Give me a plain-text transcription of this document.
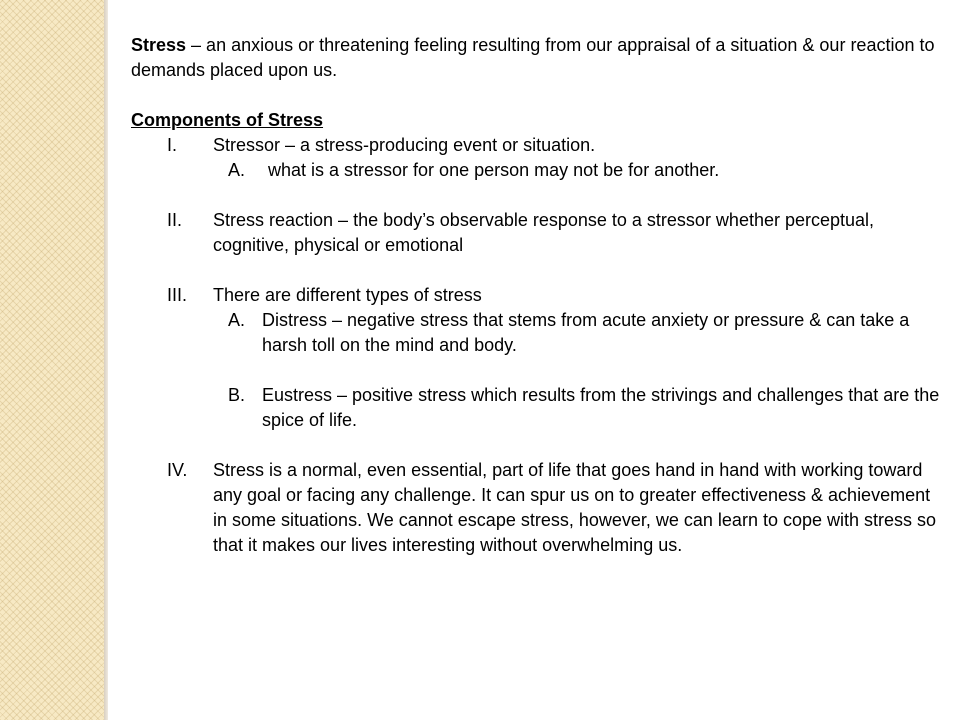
Stress – an anxious or threatening feeling resulting from our appraisal of a situation & our reaction to demands placed upon us.

Components of Stress

I.	Stressor – a stress-producing event or situation.
A.	what is a stressor for one person may not be for another.
II.	Stress reaction – the body’s observable response to a stressor whether perceptual, cognitive, physical or emotional
III.	There are different types of stress
A. Distress – negative stress that stems from acute anxiety or pressure & can take a harsh toll on the mind and body.
B. Eustress – positive stress which results from the strivings and challenges that are the spice of life.
IV.	Stress is a normal, even essential, part of life that goes hand in hand with working toward any goal or facing any challenge. It can spur us on to greater effectiveness & achievement in some situations. We cannot escape stress, however, we can learn to cope with stress so that it makes our lives interesting without overwhelming us.
